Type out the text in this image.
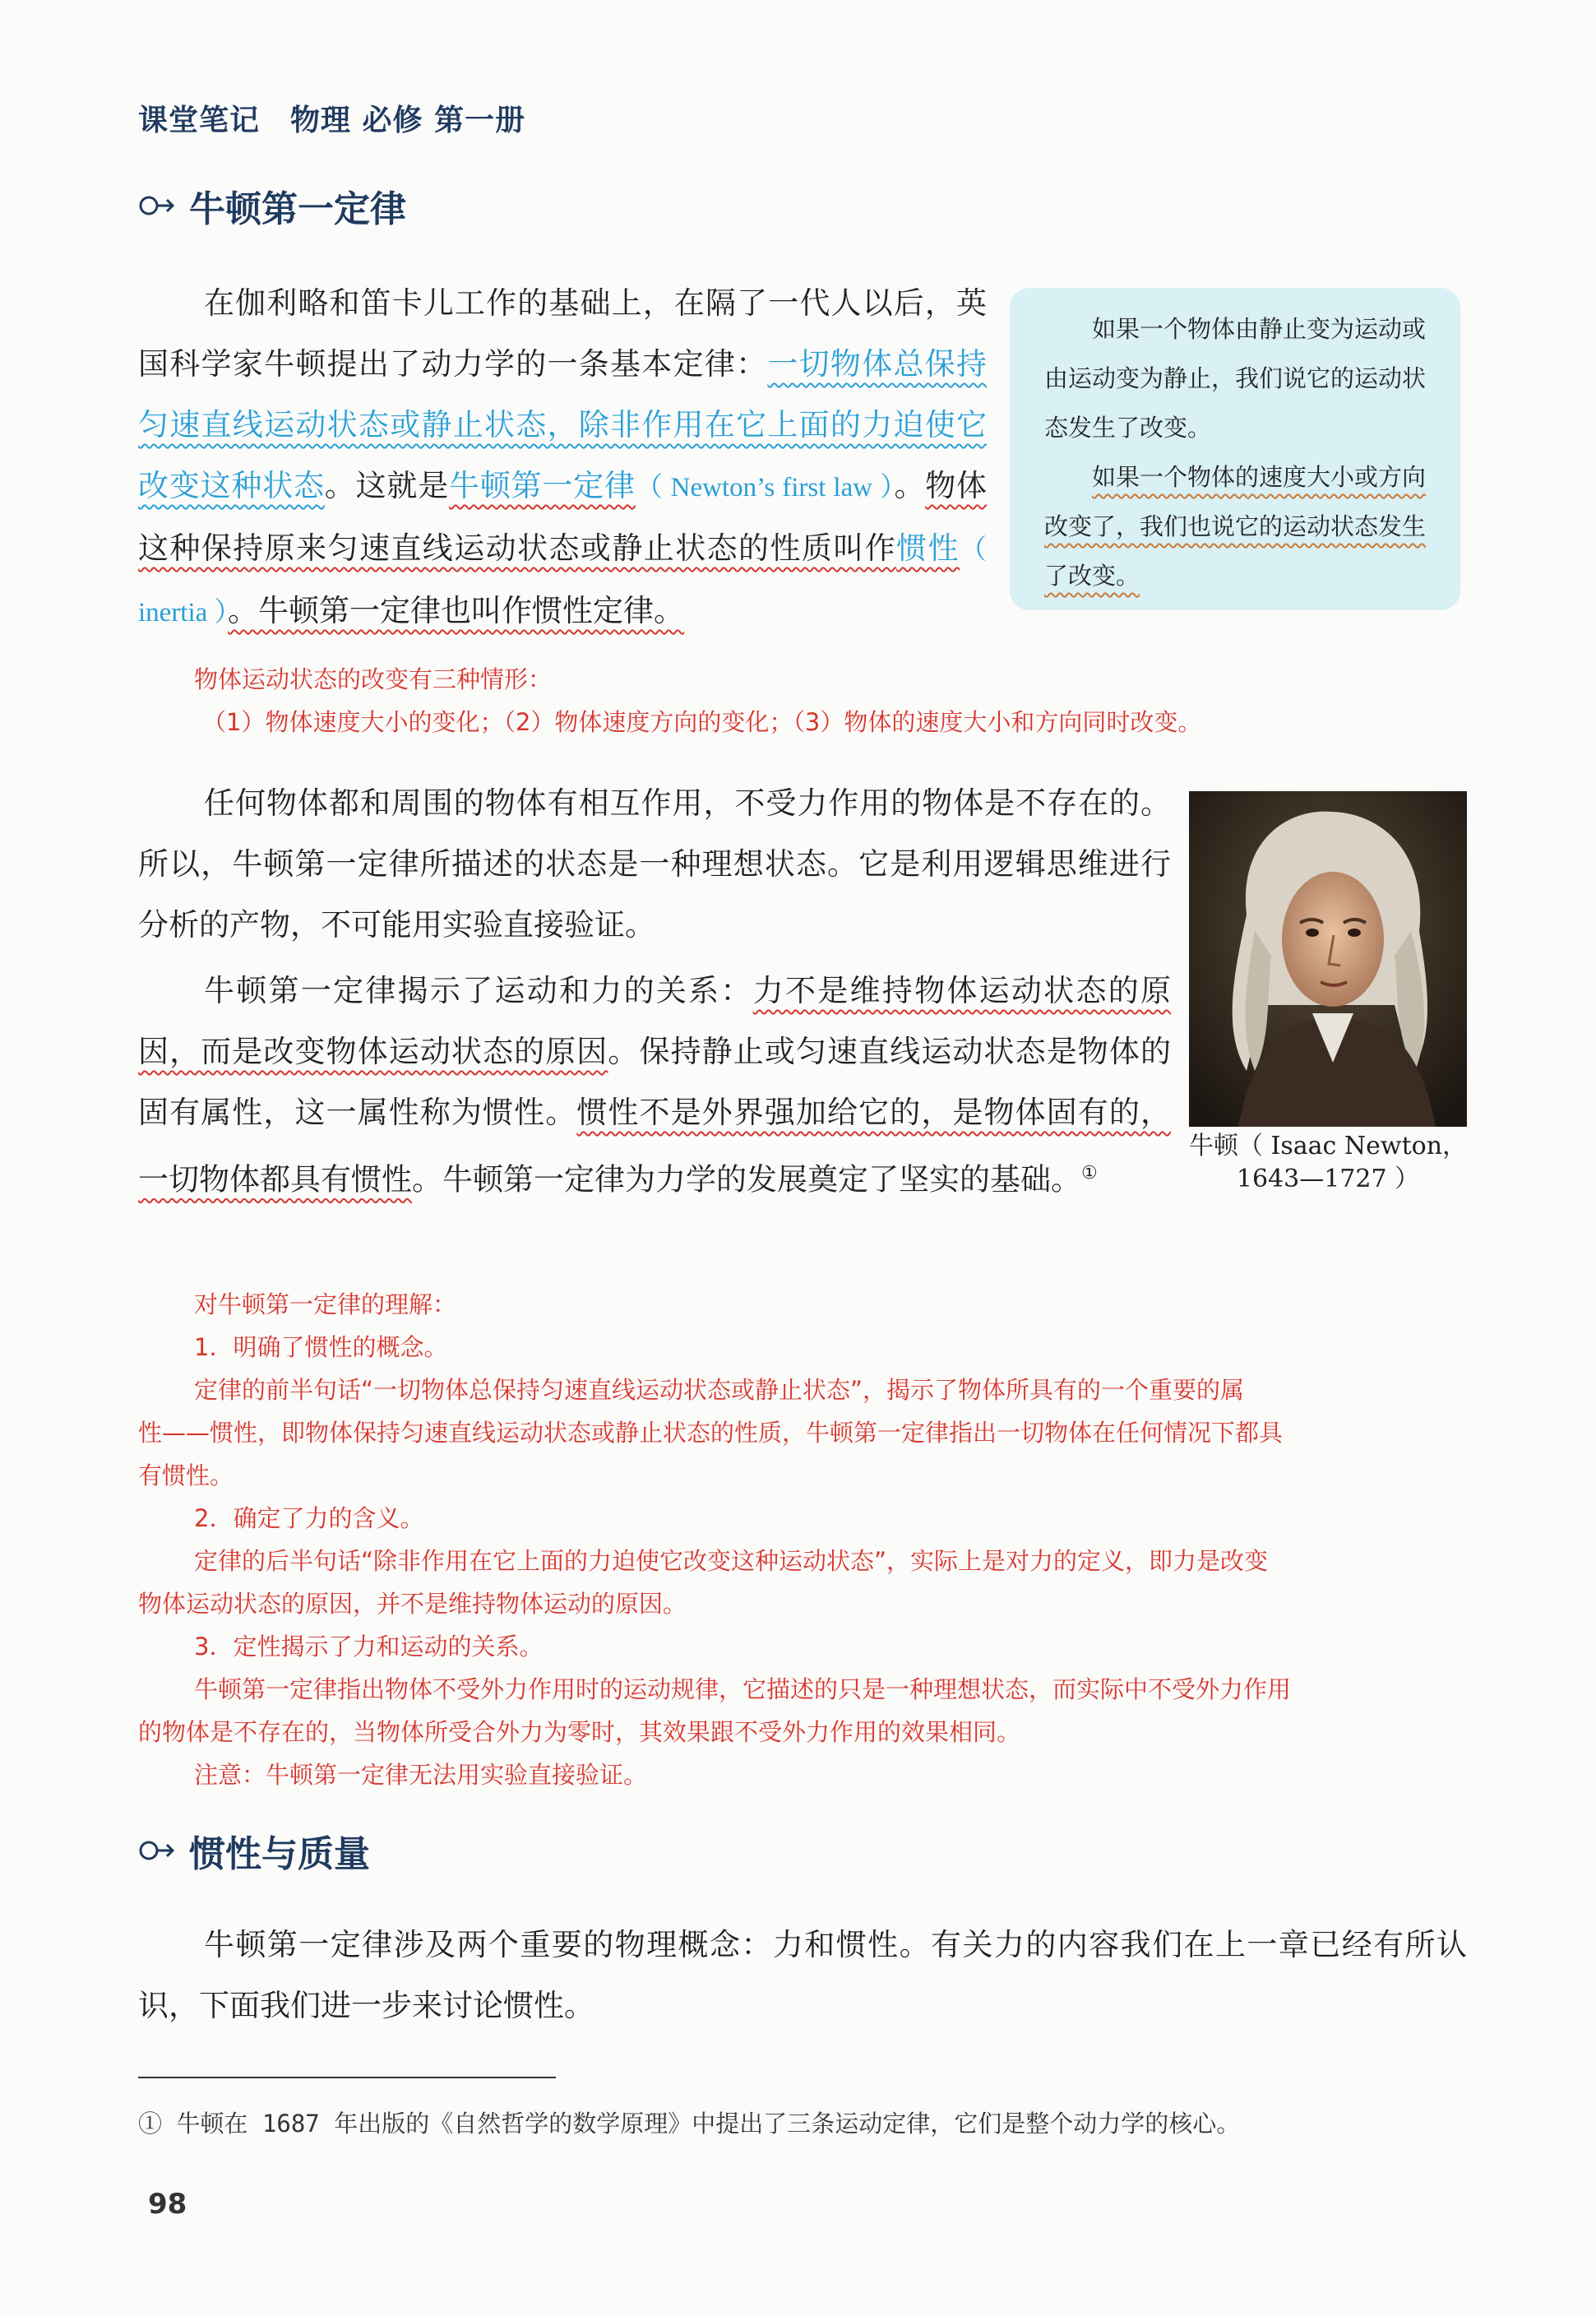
课堂笔记　物理 必修 第一册
牛顿第一定律

在伽利略和笛卡儿工作的基础上，在隔了一代人以后，英国科学家牛顿提出了动力学的一条基本定律：一切物体总保持匀速直线运动状态或静止状态，除非作用在它上面的力迫使它改变这种状态。这就是牛顿第一定律（ Newton’s first law ）。物体这种保持原来匀速直线运动状态或静止状态的性质叫作惯性（ inertia ）。牛顿第一定律也叫作惯性定律。

如果一个物体由静止变为运动或由运动变为静止，我们说它的运动状态发生了改变。

如果一个物体的速度大小或方向改变了，我们也说它的运动状态发生了改变。

物体运动状态的改变有三种情形：
（1）物体速度大小的变化；（2）物体速度方向的变化；（3）物体的速度大小和方向同时改变。

任何物体都和周围的物体有相互作用，不受力作用的物体是不存在的。所以，牛顿第一定律所描述的状态是一种理想状态。它是利用逻辑思维进行分析的产物，不可能用实验直接验证。

牛顿第一定律揭示了运动和力的关系：力不是维持物体运动状态的原因，而是改变物体运动状态的原因。保持静止或匀速直线运动状态是物体的固有属性，这一属性称为惯性。惯性不是外界强加给它的，是物体固有的，一切物体都具有惯性。牛顿第一定律为力学的发展奠定了坚实的基础。①

牛顿（ Isaac Newton，
1643—1727 ）
对牛顿第一定律的理解：
1．明确了惯性的概念。
定律的前半句话“一切物体总保持匀速直线运动状态或静止状态”，揭示了物体所具有的一个重要的属
性——惯性，即物体保持匀速直线运动状态或静止状态的性质，牛顿第一定律指出一切物体在任何情况下都具
有惯性。
2．确定了力的含义。
定律的后半句话“除非作用在它上面的力迫使它改变这种运动状态”，实际上是对力的定义，即力是改变
物体运动状态的原因，并不是维持物体运动的原因。
3．定性揭示了力和运动的关系。
牛顿第一定律指出物体不受外力作用时的运动规律，它描述的只是一种理想状态，而实际中不受外力作用
的物体是不存在的，当物体所受合外力为零时，其效果跟不受外力作用的效果相同。
注意：牛顿第一定律无法用实验直接验证。
惯性与质量

牛顿第一定律涉及两个重要的物理概念：力和惯性。有关力的内容我们在上一章已经有所认识，下面我们进一步来讨论惯性。

① 牛顿在 1687 年出版的《自然哲学的数学原理》中提出了三条运动定律，它们是整个动力学的核心。
98
